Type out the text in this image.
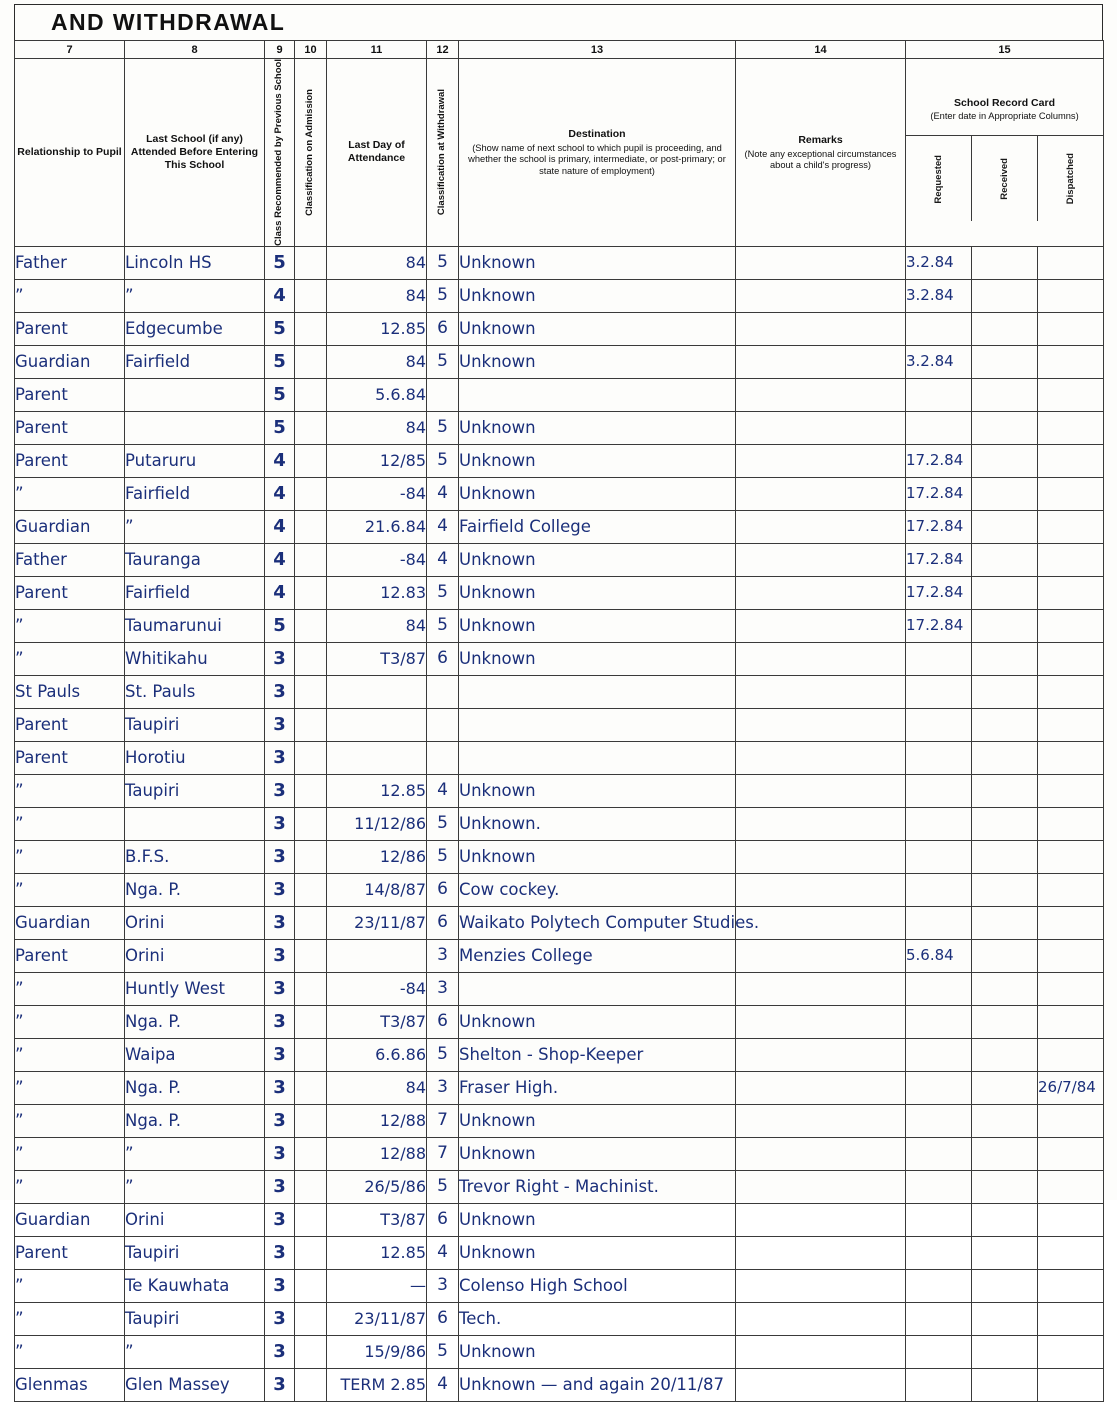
AND WITHDRAWAL
7	8	9	10	11	12	13	14	15		
Relationship to Pupil	Last School (if any) Attended Before Entering This School	Class Recommended by Previous School	Classification on Admission	Last Day of Attendance	Classification at Withdrawal	Destination
(Show name of next school to which pupil is proceeding, and whether the school is primary, intermediate, or post-primary; or state nature of employment)
	Remarks
(Note any exceptional circumstances about a child's progress)

School Record Card
(Enter date in Appropriate Columns)
Requested	Received	Dispatched

Father	Lincoln HS	5		84	5	Unknown		3.2.84		

”	”	4		84	5	Unknown		3.2.84		

Parent	Edgecumbe	5		12.85	6	Unknown				

Guardian	Fairfield	5		84	5	Unknown		3.2.84		

Parent		5		5.6.84						

Parent		5		84	5	Unknown				

Parent	Putaruru	4		12/85	5	Unknown		17.2.84		

”	Fairfield	4		-84	4	Unknown		17.2.84		

Guardian	”	4		21.6.84	4	Fairfield College		17.2.84		

Father	Tauranga	4		-84	4	Unknown		17.2.84		

Parent	Fairfield	4		12.83	5	Unknown		17.2.84		

”	Taumarunui	5		84	5	Unknown		17.2.84		

”	Whitikahu	3		T3/87	6	Unknown				

St Pauls	St. Pauls	3								

Parent	Taupiri	3								

Parent	Horotiu	3								

”	Taupiri	3		12.85	4	Unknown				

”		3		11/12/86	5	Unknown.				

”	B.F.S.	3		12/86	5	Unknown				

”	Nga. P.	3		14/8/87	6	Cow cockey.				

Guardian	Orini	3		23/11/87	6	Waikato Polytech Computer Studies.				

Parent	Orini	3			3	Menzies College		5.6.84		

”	Huntly West	3		-84	3					

”	Nga. P.	3		T3/87	6	Unknown				

”	Waipa	3		6.6.86	5	Shelton - Shop-Keeper				

”	Nga. P.	3		84	3	Fraser High.				26/7/84

”	Nga. P.	3		12/88	7	Unknown				

”	”	3		12/88	7	Unknown				

”	”	3		26/5/86	5	Trevor Right - Machinist.				

Guardian	Orini	3		T3/87	6	Unknown				

Parent	Taupiri	3		12.85	4	Unknown				

”	Te Kauwhata	3		—	3	Colenso High School				

”	Taupiri	3		23/11/87	6	Tech.				

”	”	3		15/9/86	5	Unknown				

Glenmas	Glen Massey	3		TERM 2.85	4	Unknown — and again 20/11/87				
